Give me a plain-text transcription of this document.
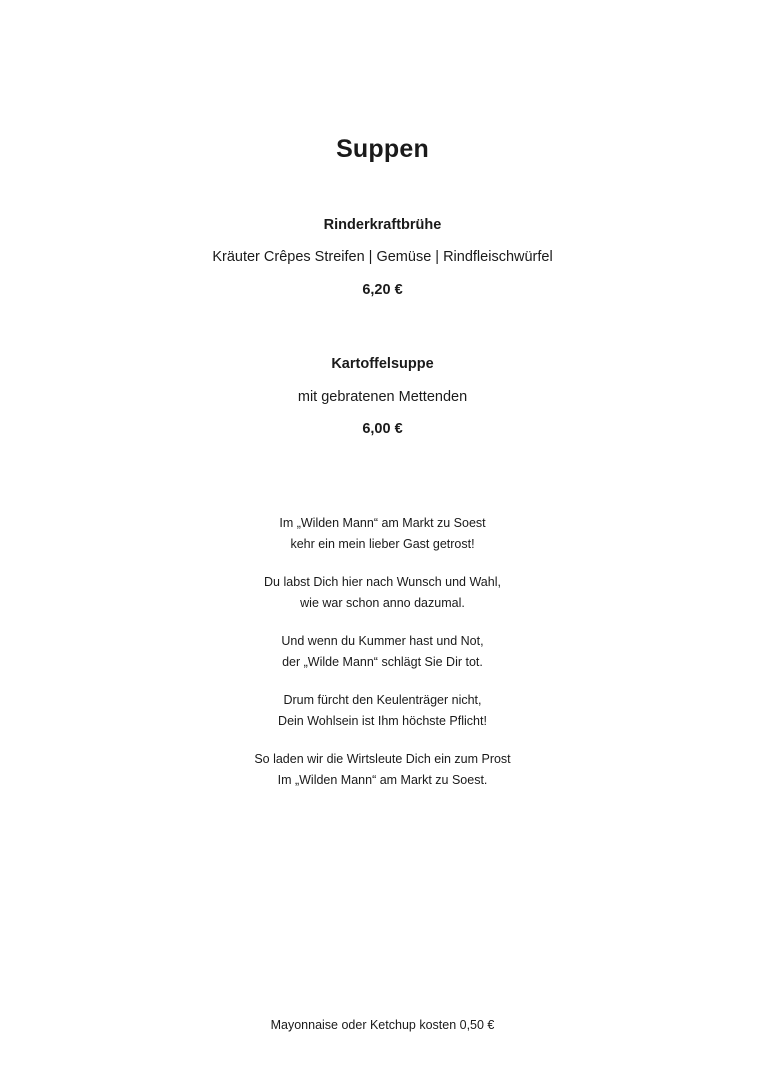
Suppen
Rinderkraftbrühe
Kräuter Crêpes Streifen | Gemüse | Rindfleischwürfel
6,20 €
Kartoffelsuppe
mit gebratenen Mettenden
6,00 €
Im „Wilden Mann“ am Markt zu Soest
kehr ein mein lieber Gast getrost!
Du labst Dich hier nach Wunsch und Wahl,
wie war schon anno dazumal.
Und wenn du Kummer hast und Not,
der „Wilde Mann“ schlägt Sie Dir tot.
Drum fürcht den Keulenträger nicht,
Dein Wohlsein ist Ihm höchste Pflicht!
So laden wir die Wirtsleute Dich ein zum Prost
Im „Wilden Mann“ am Markt zu Soest.
Mayonnaise oder Ketchup kosten 0,50 €
